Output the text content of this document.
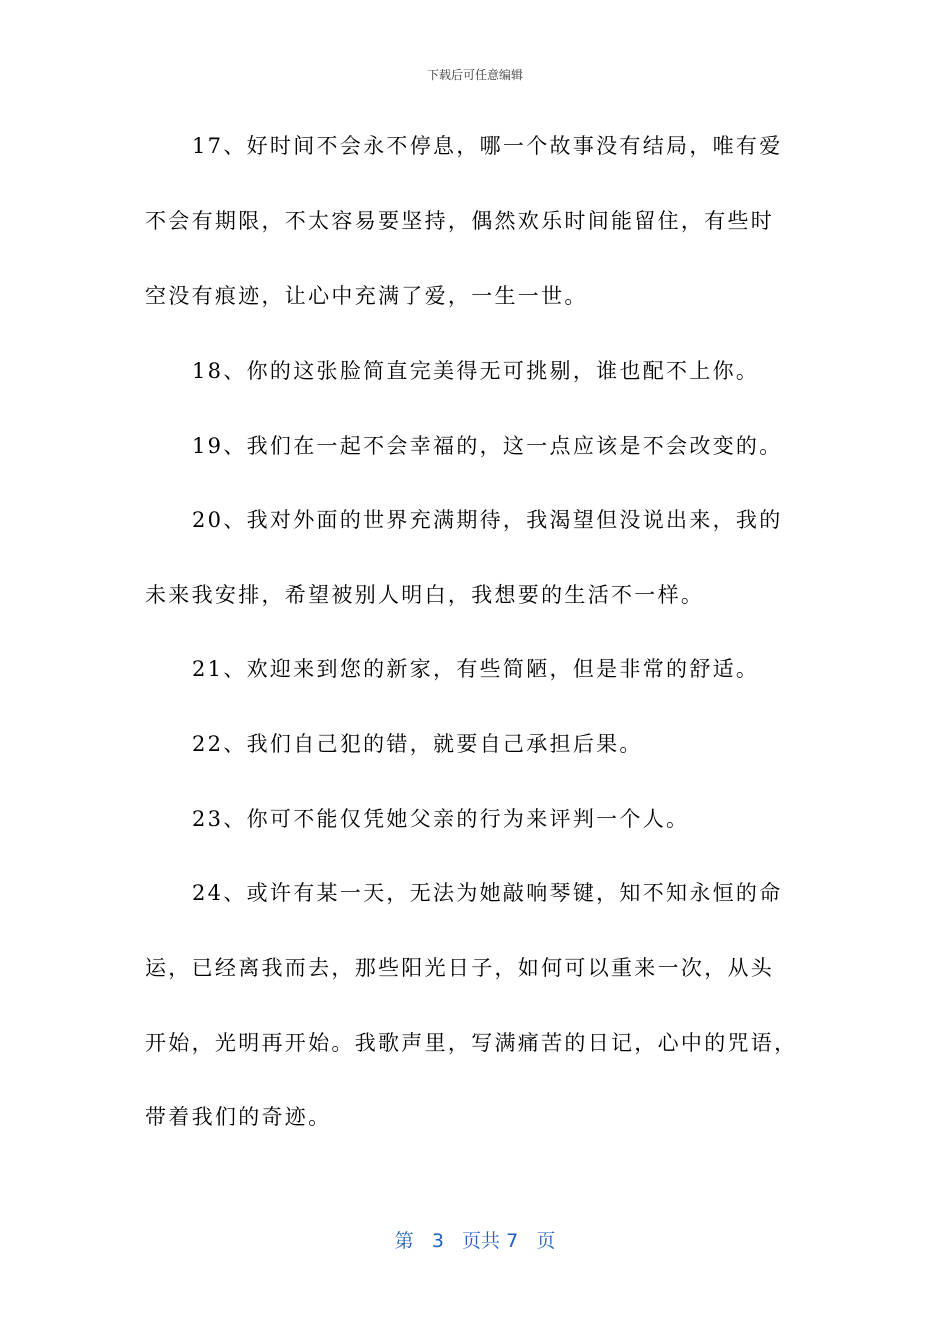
下载后可任意编辑
17、好时间不会永不停息，哪一个故事没有结局，唯有爱
不会有期限，不太容易要坚持，偶然欢乐时间能留住，有些时
空没有痕迹，让心中充满了爱，一生一世。
18、你的这张脸简直完美得无可挑剔，谁也配不上你。
19、我们在一起不会幸福的，这一点应该是不会改变的。
20、我对外面的世界充满期待，我渴望但没说出来，我的
未来我安排，希望被别人明白，我想要的生活不一样。
21、欢迎来到您的新家，有些简陋，但是非常的舒适。
22、我们自己犯的错，就要自己承担后果。
23、你可不能仅凭她父亲的行为来评判一个人。
24、或许有某一天，无法为她敲响琴键，知不知永恒的命
运，已经离我而去，那些阳光日子，如何可以重来一次，从头
开始，光明再开始。我歌声里，写满痛苦的日记，心中的咒语，
带着我们的奇迹。
第 3 页共 7 页
